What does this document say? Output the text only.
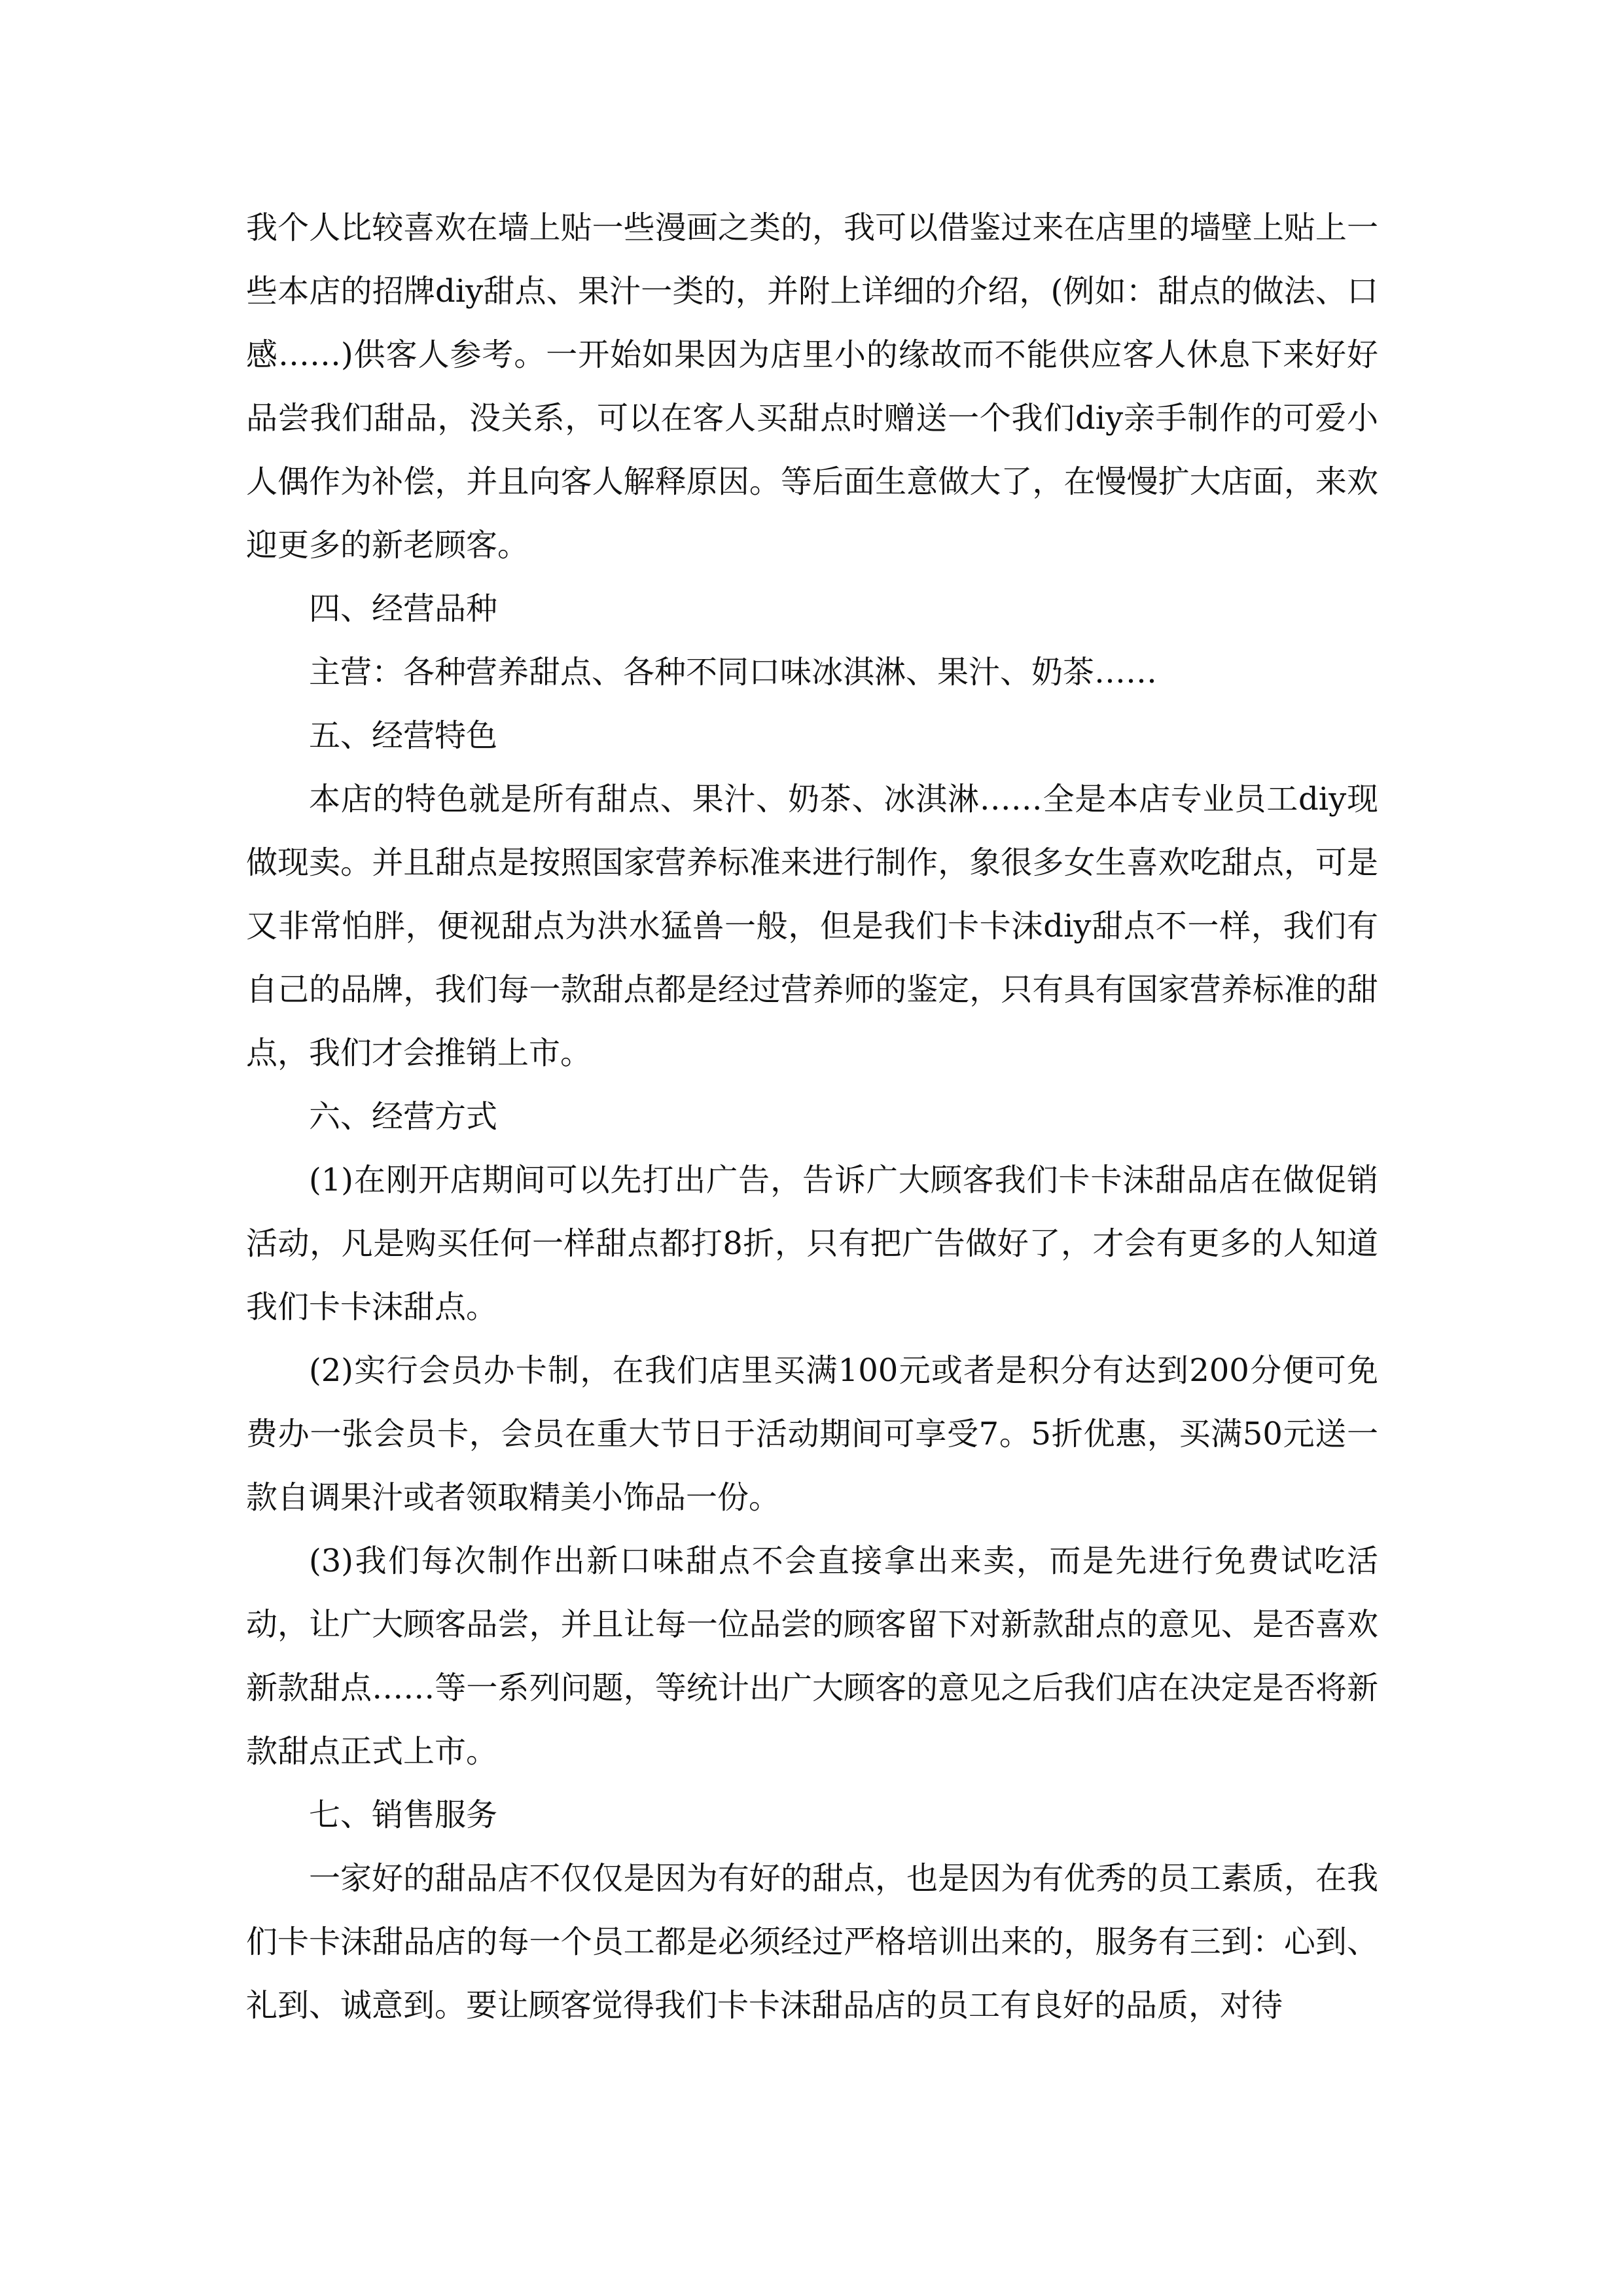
我个人比较喜欢在墙上贴一些漫画之类的，我可以借鉴过来在店里的墙壁上贴上一些本店的招牌diy甜点、果汁一类的，并附上详细的介绍，(例如：甜点的做法、口感……)供客人参考。一开始如果因为店里小的缘故而不能供应客人休息下来好好品尝我们甜品，没关系，可以在客人买甜点时赠送一个我们diy亲手制作的可爱小人偶作为补偿，并且向客人解释原因。等后面生意做大了，在慢慢扩大店面，来欢迎更多的新老顾客。

四、经营品种

主营：各种营养甜点、各种不同口味冰淇淋、果汁、奶茶……

五、经营特色

本店的特色就是所有甜点、果汁、奶茶、冰淇淋……全是本店专业员工diy现做现卖。并且甜点是按照国家营养标准来进行制作，象很多女生喜欢吃甜点，可是又非常怕胖，便视甜点为洪水猛兽一般，但是我们卡卡沫diy甜点不一样，我们有自己的品牌，我们每一款甜点都是经过营养师的鉴定，只有具有国家营养标准的甜点，我们才会推销上市。

六、经营方式

(1)在刚开店期间可以先打出广告，告诉广大顾客我们卡卡沫甜品店在做促销活动，凡是购买任何一样甜点都打8折，只有把广告做好了，才会有更多的人知道我们卡卡沫甜点。

(2)实行会员办卡制，在我们店里买满100元或者是积分有达到200分便可免费办一张会员卡，会员在重大节日于活动期间可享受7。5折优惠，买满50元送一款自调果汁或者领取精美小饰品一份。

(3)我们每次制作出新口味甜点不会直接拿出来卖，而是先进行免费试吃活动，让广大顾客品尝，并且让每一位品尝的顾客留下对新款甜点的意见、是否喜欢新款甜点……等一系列问题，等统计出广大顾客的意见之后我们店在决定是否将新款甜点正式上市。

七、销售服务

一家好的甜品店不仅仅是因为有好的甜点，也是因为有优秀的员工素质，在我们卡卡沫甜品店的每一个员工都是必须经过严格培训出来的，服务有三到：心到、礼到、诚意到。要让顾客觉得我们卡卡沫甜品店的员工有良好的品质，对待
